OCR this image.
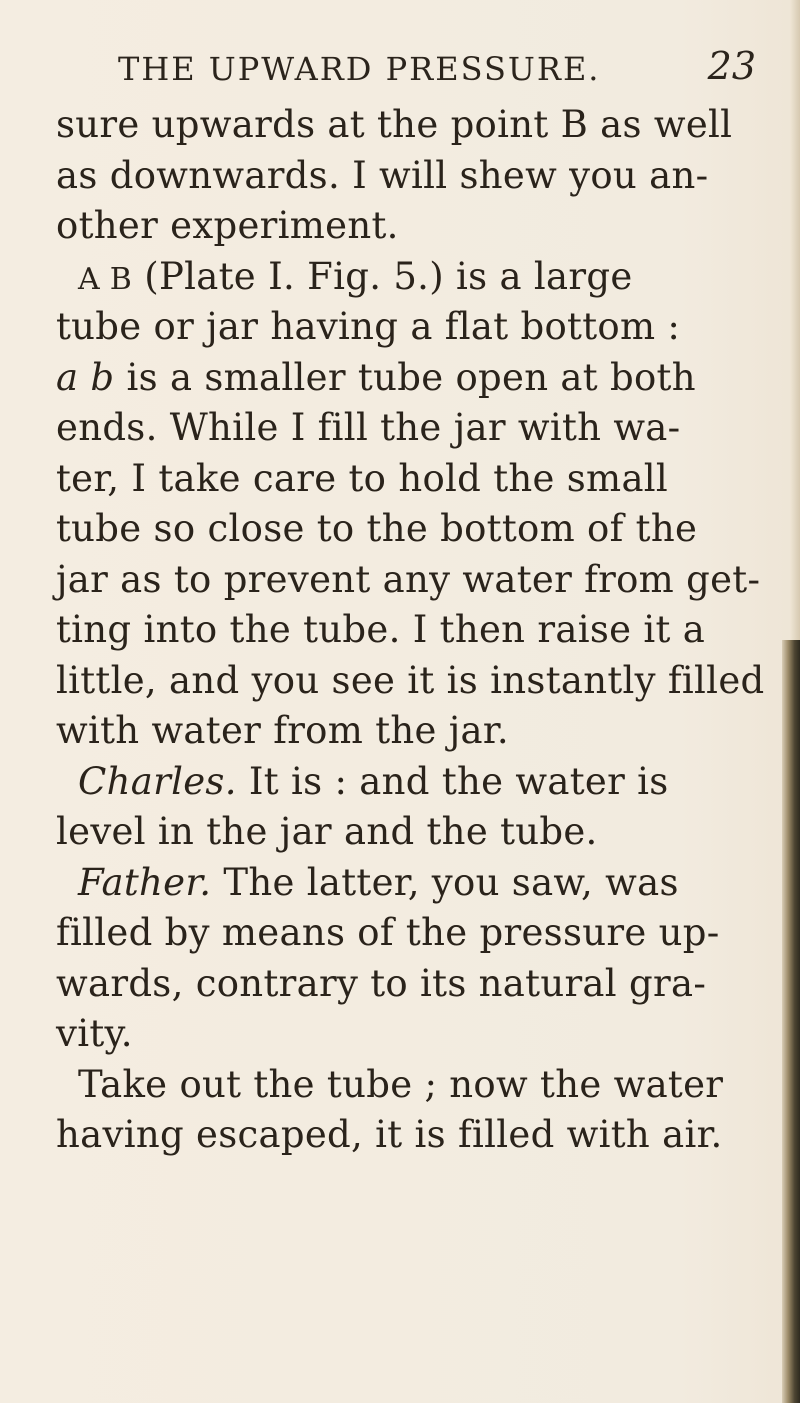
THE UPWARD PRESSURE.	23
sure upwards at the point B as well
as downwards. I will shew you an-
other experiment.
A B (Plate I. Fig. 5.) is a large
tube or jar having a flat bottom :
a b is a smaller tube open at both
ends. While I fill the jar with wa-
ter, I take care to hold the small
tube so close to the bottom of the
jar as to prevent any water from get-
ting into the tube. I then raise it a
little, and you see it is instantly filled
with water from the jar.
Charles. It is : and the water is
level in the jar and the tube.
Father. The latter, you saw, was
filled by means of the pressure up-
wards, contrary to its natural gra-
vity.
Take out the tube ; now the water
having escaped, it is filled with air.
